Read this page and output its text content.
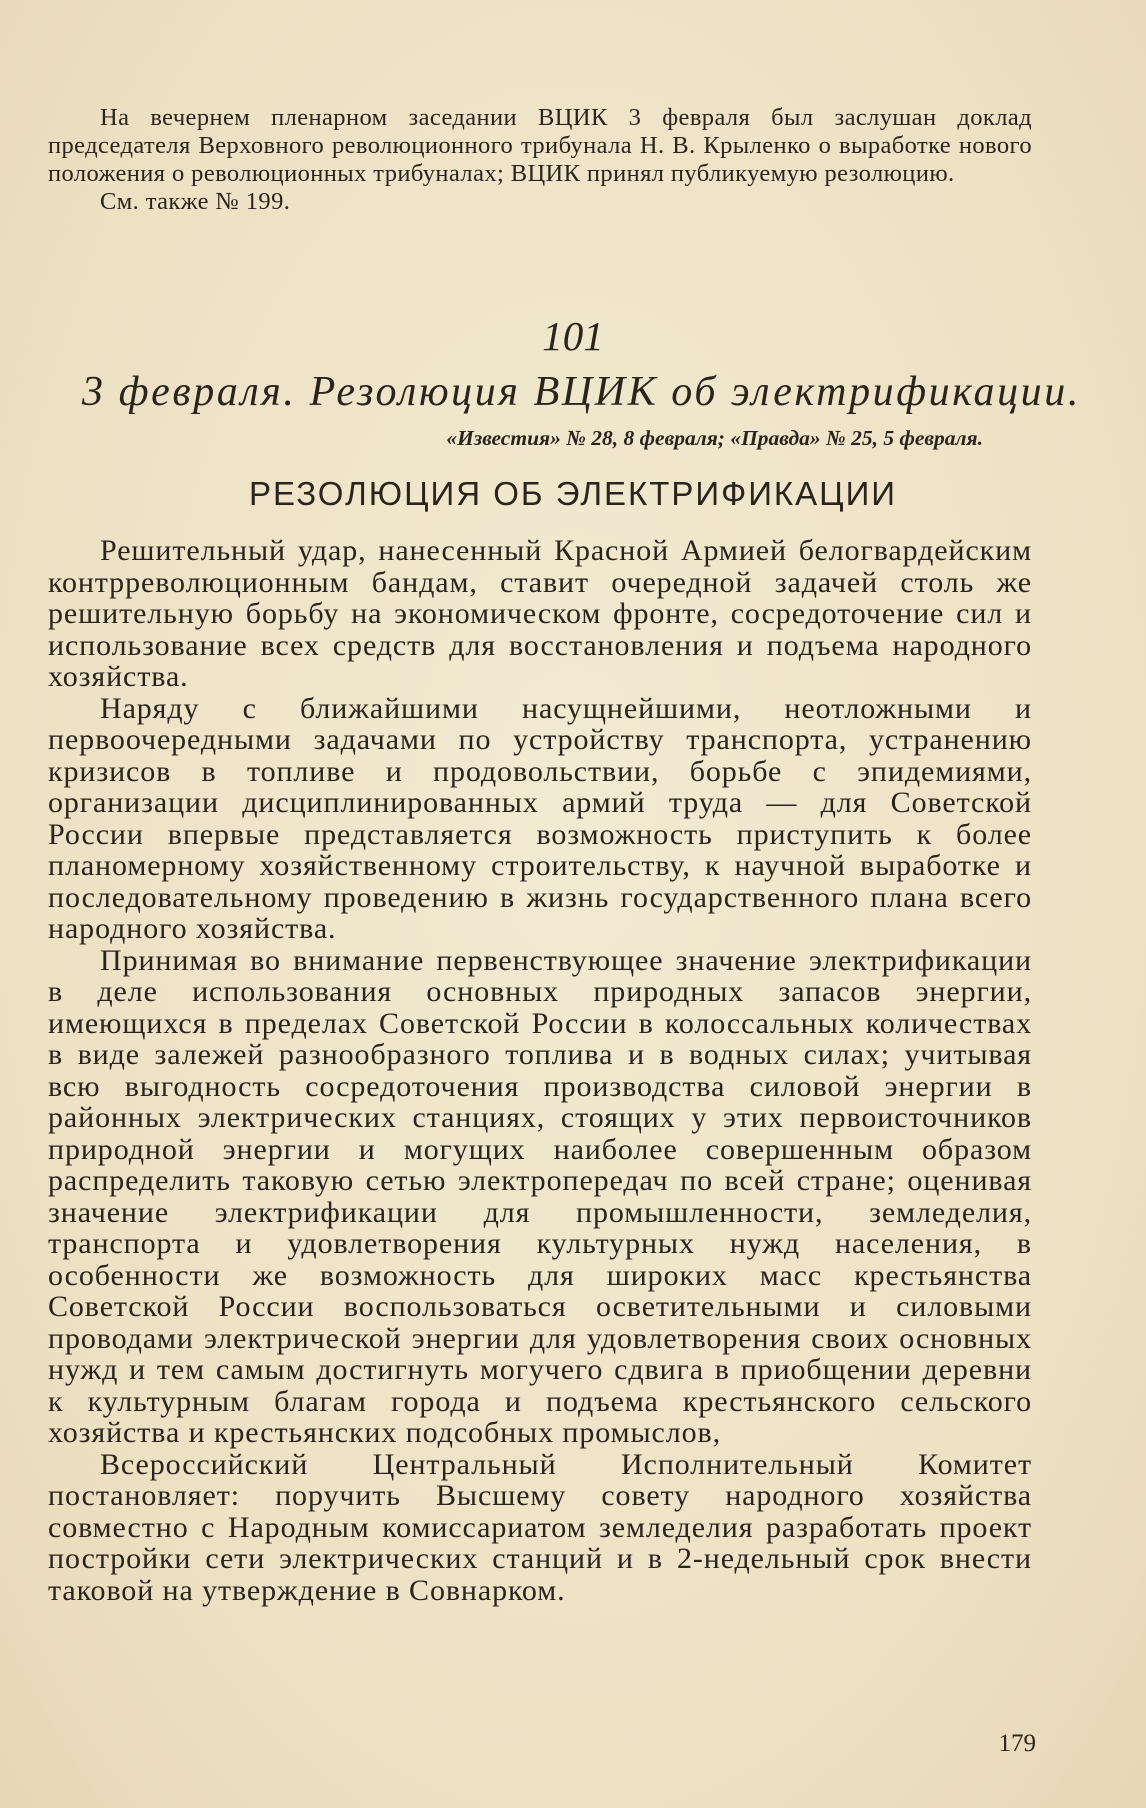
На вечернем пленарном заседании ВЦИК 3 февраля был заслушан доклад председателя Верховного революционного трибунала Н. В. Крыленко о выработке нового положения о революционных трибуналах; ВЦИК принял публикуемую резолюцию.

См. также № 199.

101
3 февраля. Резолюция ВЦИК об электрификации.
«Известия» № 28, 8 февраля; «Правда» № 25, 5 февраля.
РЕЗОЛЮЦИЯ ОБ ЭЛЕКТРИФИКАЦИИ

Решительный удар, нанесенный Красной Армией белогвардейским контрреволюционным бандам, ставит очередной задачей столь же решительную борьбу на экономическом фронте, сосредоточение сил и использование всех средств для восстановления и подъема народного хозяйства.

Наряду с ближайшими насущнейшими, неотложными и первоочередными задачами по устройству транспорта, устранению кризисов в топливе и продовольствии, борьбе с эпидемиями, организации дисциплинированных армий труда — для Советской России впервые представляется возможность приступить к более планомерному хозяйственному строительству, к научной выработке и последовательному проведению в жизнь государственного плана всего народного хозяйства.

Принимая во внимание первенствующее значение электрификации в деле использования основных природных запасов энергии, имеющихся в пределах Советской России в колоссальных количествах в виде залежей разнообразного топлива и в водных силах; учитывая всю выгодность сосредоточения производства силовой энергии в районных электрических станциях, стоящих у этих первоисточников природной энергии и могущих наиболее совершенным образом распределить таковую сетью электропередач по всей стране; оценивая значение электрификации для промышленности, земледелия, транспорта и удовлетворения культурных нужд населения, в особенности же возможность для широких масс крестьянства Советской России воспользоваться осветительными и силовыми проводами электрической энергии для удовлетворения своих основных нужд и тем самым достигнуть могучего сдвига в приобщении деревни к культурным благам города и подъема крестьянского сельского хозяйства и крестьянских подсобных промыслов,

Всероссийский Центральный Исполнительный Комитет постановляет: поручить Высшему совету народного хозяйства совместно с Народным комиссариатом земледелия разработать проект постройки сети электрических станций и в 2-недельный срок внести таковой на утверждение в Совнарком.

179
